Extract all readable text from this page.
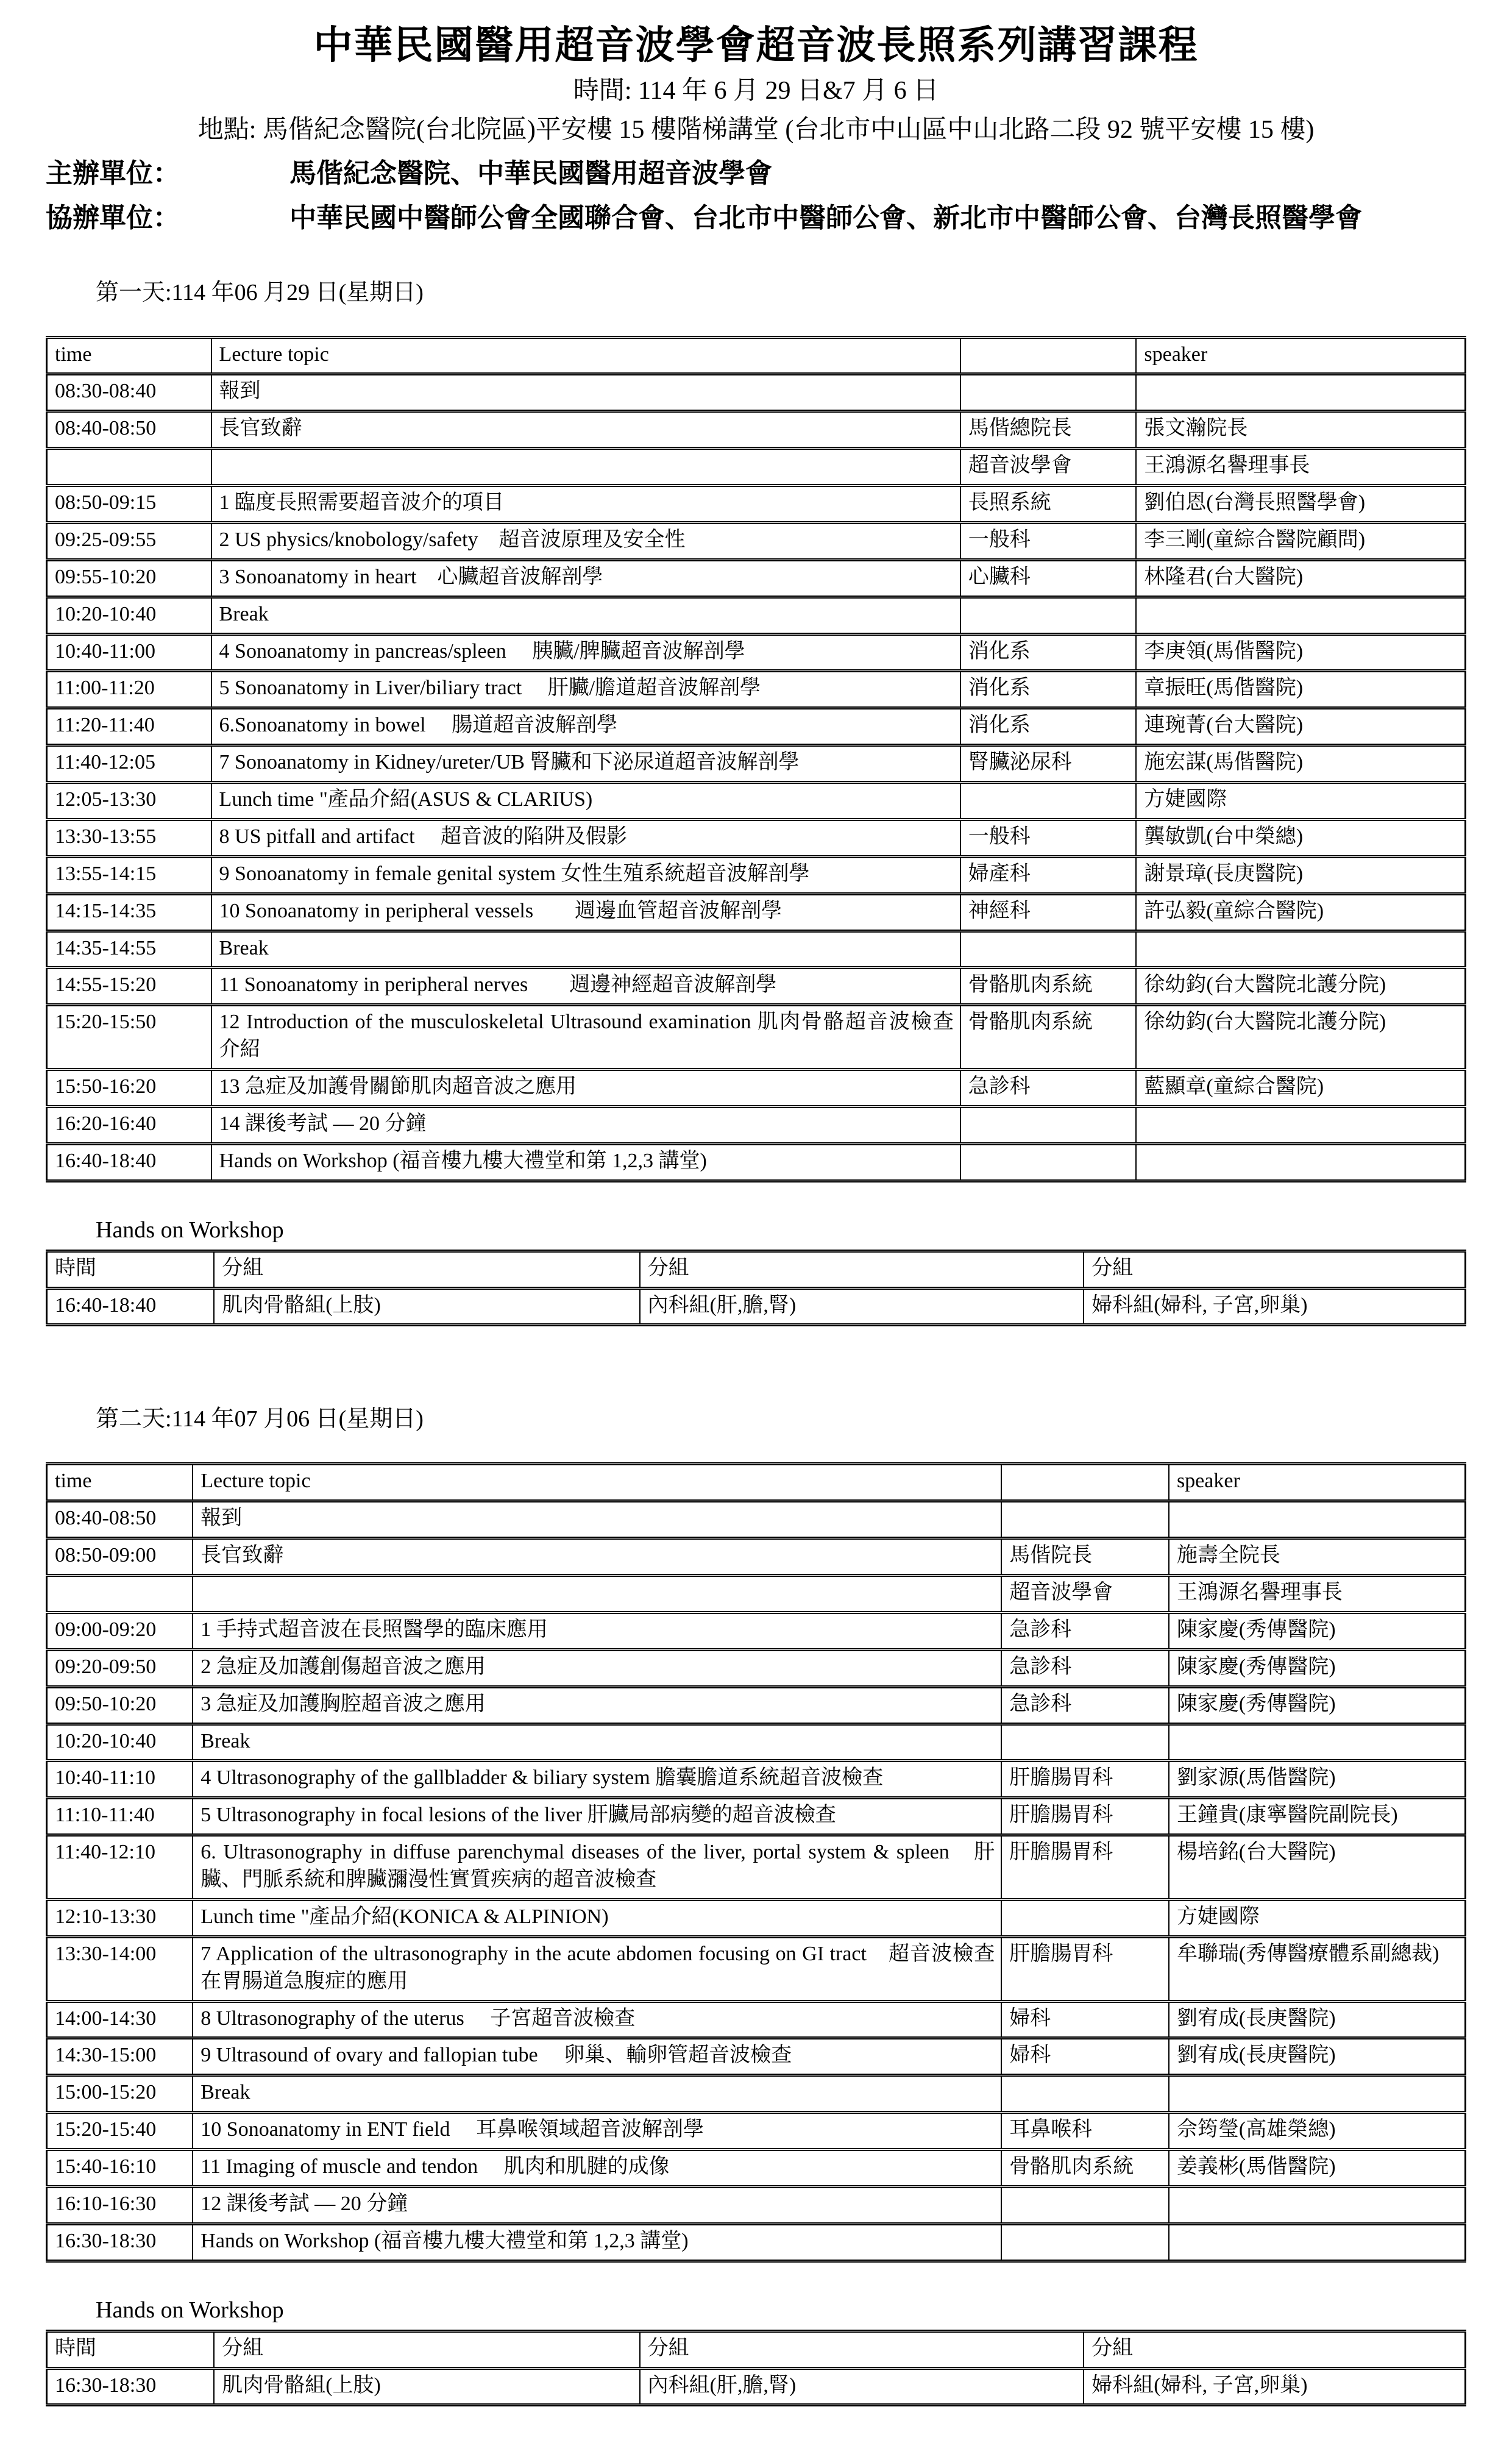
中華民國醫用超音波學會超音波長照系列講習課程
時間: 114 年 6 月 29 日&7 月 6 日
地點: 馬偕紀念醫院(台北院區)平安樓 15 樓階梯講堂 (台北市中山區中山北路二段 92 號平安樓 15 樓)
主辦單位：	馬偕紀念醫院、中華民國醫用超音波學會
協辦單位：	中華民國中醫師公會全國聯合會、台北市中醫師公會、新北市中醫師公會、台灣長照醫學會
第一天:114 年06 月29 日(星期日)
time	Lecture topic		speaker
08:30-08:40	報到		
08:40-08:50	長官致辭	馬偕總院長	張文瀚院長
		超音波學會	王鴻源名譽理事長
08:50-09:15	1 臨度長照需要超音波介的項目	長照系統	劉伯恩(台灣長照醫學會)
09:25-09:55	2 US physics/knobology/safety　超音波原理及安全性	一般科	李三剛(童綜合醫院顧問)
09:55-10:20	3 Sonoanatomy in heart　心臟超音波解剖學	心臟科	林隆君(台大醫院)
10:20-10:40	Break		
10:40-11:00	4 Sonoanatomy in pancreas/spleen　 胰臟/脾臟超音波解剖學	消化系	李庚領(馬偕醫院)
11:00-11:20	5 Sonoanatomy in Liver/biliary tract　 肝臟/膽道超音波解剖學	消化系	章振旺(馬偕醫院)
11:20-11:40	6.Sonoanatomy in bowel　 腸道超音波解剖學	消化系	連琬菁(台大醫院)
11:40-12:05	7 Sonoanatomy in Kidney/ureter/UB 腎臟和下泌尿道超音波解剖學	腎臟泌尿科	施宏謀(馬偕醫院)
12:05-13:30	Lunch time "產品介紹(ASUS & CLARIUS)		方婕國際
13:30-13:55	8 US pitfall and artifact　 超音波的陷阱及假影	一般科	龔敏凱(台中榮總)
13:55-14:15	9 Sonoanatomy in female genital system 女性生殖系統超音波解剖學	婦產科	謝景璋(長庚醫院)
14:15-14:35	10 Sonoanatomy in peripheral vessels　　週邊血管超音波解剖學	神經科	許弘毅(童綜合醫院)
14:35-14:55	Break		
14:55-15:20	11 Sonoanatomy in peripheral nerves　　週邊神經超音波解剖學	骨骼肌肉系統	徐幼鈞(台大醫院北護分院)
15:20-15:50	12 Introduction of the musculoskeletal Ultrasound examination 肌肉骨骼超音波檢查介紹	骨骼肌肉系統	徐幼鈞(台大醫院北護分院)
15:50-16:20	13 急症及加護骨關節肌肉超音波之應用	急診科	藍顯章(童綜合醫院)
16:20-16:40	14 課後考試 — 20 分鐘		
16:40-18:40	Hands on Workshop (福音樓九樓大禮堂和第 1,2,3 講堂)		
Hands on Workshop
時間	分組	分組	分組
16:40-18:40	肌肉骨骼組(上肢)	內科組(肝,膽,腎)	婦科組(婦科, 子宮,卵巢)
第二天:114 年07 月06 日(星期日)
time	Lecture topic		speaker
08:40-08:50	報到		
08:50-09:00	長官致辭	馬偕院長	施壽全院長
		超音波學會	王鴻源名譽理事長
09:00-09:20	1 手持式超音波在長照醫學的臨床應用	急診科	陳家慶(秀傳醫院)
09:20-09:50	2 急症及加護創傷超音波之應用	急診科	陳家慶(秀傳醫院)
09:50-10:20	3 急症及加護胸腔超音波之應用	急診科	陳家慶(秀傳醫院)
10:20-10:40	Break		
10:40-11:10	4 Ultrasonography of the gallbladder & biliary system 膽囊膽道系統超音波檢查	肝膽腸胃科	劉家源(馬偕醫院)
11:10-11:40	5 Ultrasonography in focal lesions of the liver 肝臟局部病變的超音波檢查	肝膽腸胃科	王鐘貴(康寧醫院副院長)
11:40-12:10	6. Ultrasonography in diffuse parenchymal diseases of the liver, portal system & spleen　肝臟、門脈系統和脾臟瀰漫性實質疾病的超音波檢查	肝膽腸胃科	楊培銘(台大醫院)
12:10-13:30	Lunch time "產品介紹(KONICA & ALPINION)		方婕國際
13:30-14:00	7 Application of the ultrasonography in the acute abdomen focusing on GI tract　超音波檢查在胃腸道急腹症的應用	肝膽腸胃科	牟聯瑞(秀傳醫療體系副總裁)
14:00-14:30	8 Ultrasonography of the uterus　 子宮超音波檢查	婦科	劉宥成(長庚醫院)
14:30-15:00	9 Ultrasound of ovary and fallopian tube　 卵巢、輸卵管超音波檢查	婦科	劉宥成(長庚醫院)
15:00-15:20	Break		
15:20-15:40	10 Sonoanatomy in ENT field　 耳鼻喉領域超音波解剖學	耳鼻喉科	佘筠瑩(高雄榮總)
15:40-16:10	11 Imaging of muscle and tendon　 肌肉和肌腱的成像	骨骼肌肉系統	姜義彬(馬偕醫院)
16:10-16:30	12 課後考試 — 20 分鐘		
16:30-18:30	Hands on Workshop (福音樓九樓大禮堂和第 1,2,3 講堂)		
Hands on Workshop
時間	分組	分組	分組
16:30-18:30	肌肉骨骼組(上肢)	內科組(肝,膽,腎)	婦科組(婦科, 子宮,卵巢)
